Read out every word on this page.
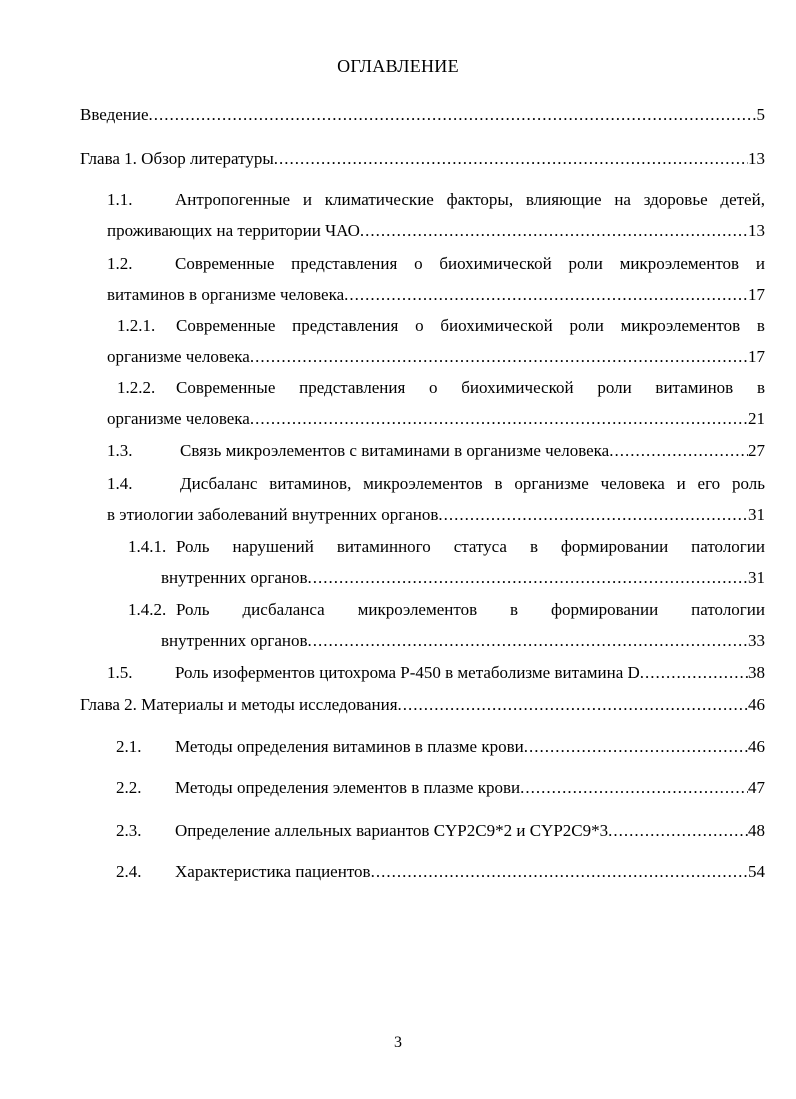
ОГЛАВЛЕНИЕ
Введение .....	5
Глава 1. Обзор литературы .....	13
1.1.	Антропогенные и климатические факторы, влияющие на здоровье детей,
проживающих на территории ЧАО .....	13
1.2.	Современные представления о биохимической роли микроэлементов и
витаминов в организме человека .....	17
1.2.1. Современные представления о биохимической роли микроэлементов в
организме человека .....	17
1.2.2. Современные представления о биохимической роли витаминов в
организме человека .....	21
1.3.	Связь микроэлементов с витаминами в организме человека .....	27
1.4.	Дисбаланс витаминов, микроэлементов в организме человека и его роль
в этиологии заболеваний внутренних органов .....	31
1.4.1. Роль нарушений витаминного статуса в формировании патологии
внутренних органов .....	31
1.4.2. Роль дисбаланса микроэлементов в формировании патологии
внутренних органов .....	33
1.5.	Роль изоферментов цитохрома Р-450 в метаболизме витамина D .....	38
Глава 2. Материалы и методы исследования .....	46
2.1. Методы определения витаминов в плазме крови .....	46
2.2. Методы определения элементов в плазме крови .....	47
2.3. Определение аллельных вариантов CYP2C9*2 и CYP2C9*3 .....	48
2.4. Характеристика пациентов .....	54
3
